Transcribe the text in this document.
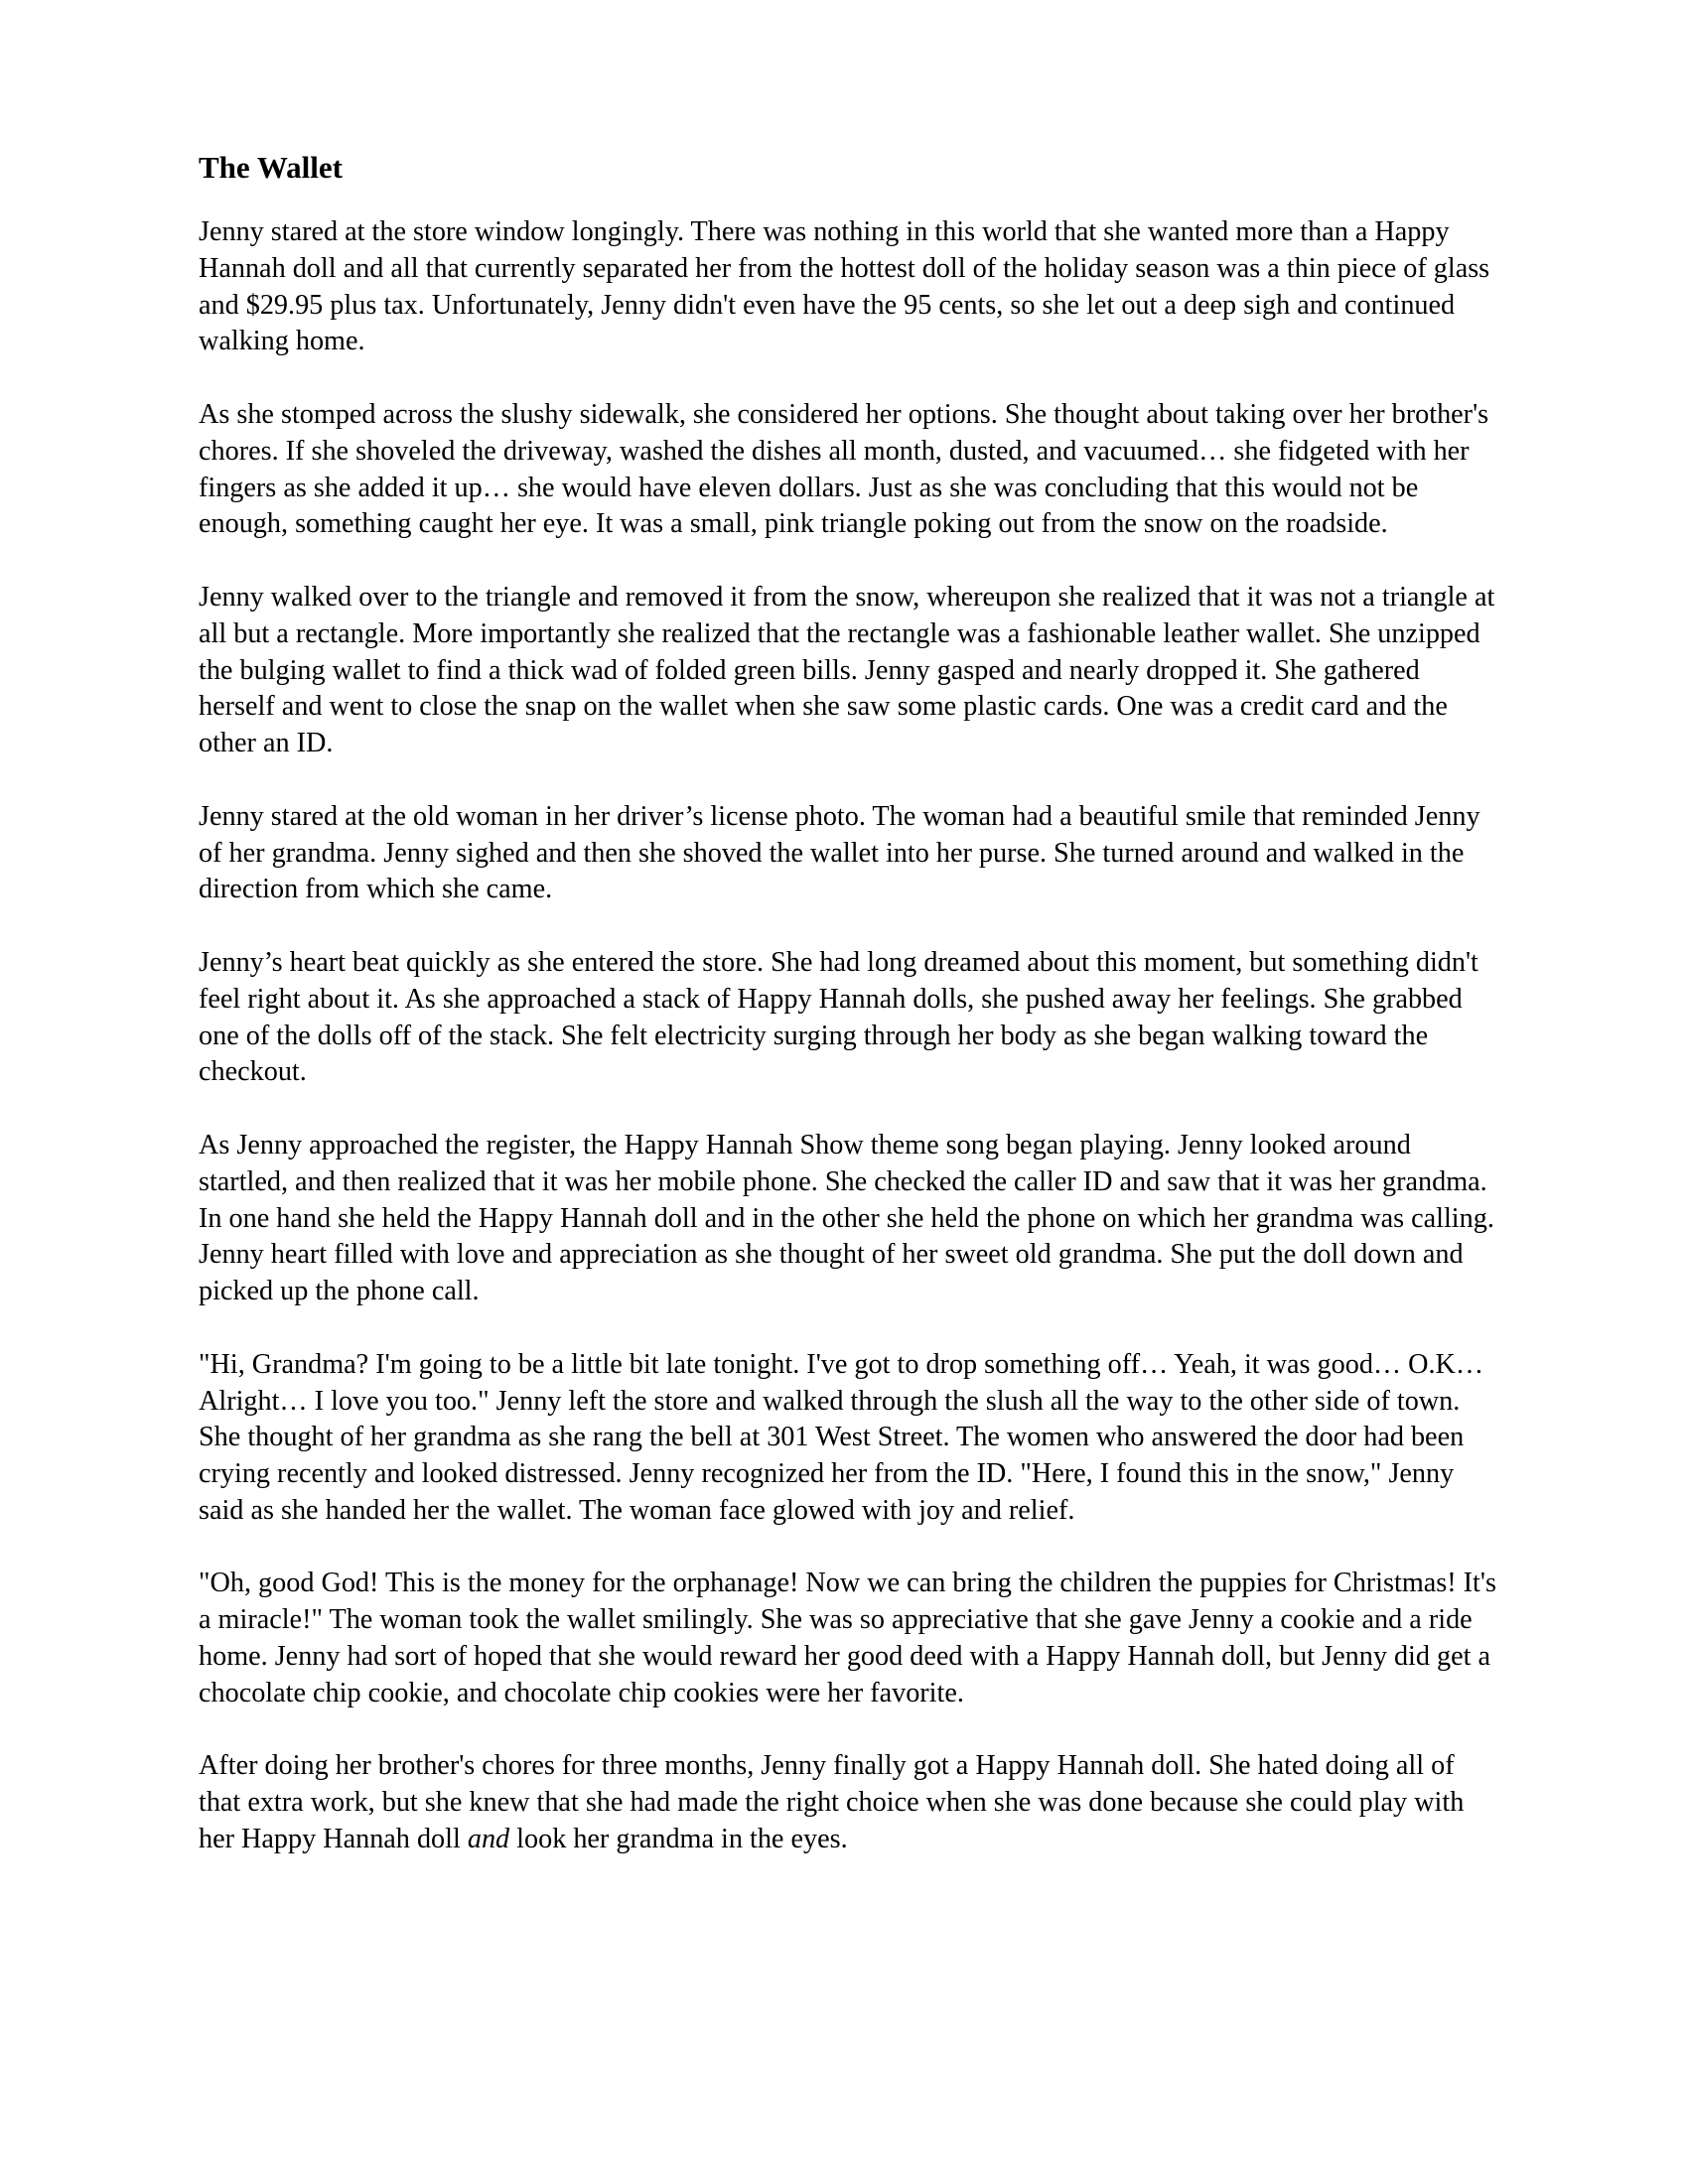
The Wallet

Jenny stared at the store window longingly. There was nothing in this world that she wanted more than a Happy Hannah doll and all that currently separated her from the hottest doll of the holiday season was a thin piece of glass and $29.95 plus tax. Unfortunately, Jenny didn't even have the 95 cents, so she let out a deep sigh and continued walking home.

As she stomped across the slushy sidewalk, she considered her options. She thought about taking over her brother's chores. If she shoveled the driveway, washed the dishes all month, dusted, and vacuumed… she fidgeted with her fingers as she added it up… she would have eleven dollars. Just as she was concluding that this would not be enough, something caught her eye. It was a small, pink triangle poking out from the snow on the roadside.

Jenny walked over to the triangle and removed it from the snow, whereupon she realized that it was not a triangle at all but a rectangle. More importantly she realized that the rectangle was a fashionable leather wallet. She unzipped the bulging wallet to find a thick wad of folded green bills. Jenny gasped and nearly dropped it. She gathered herself and went to close the snap on the wallet when she saw some plastic cards. One was a credit card and the other an ID.

Jenny stared at the old woman in her driver’s license photo. The woman had a beautiful smile that reminded Jenny of her grandma. Jenny sighed and then she shoved the wallet into her purse. She turned around and walked in the direction from which she came.

Jenny’s heart beat quickly as she entered the store. She had long dreamed about this moment, but something didn't feel right about it. As she approached a stack of Happy Hannah dolls, she pushed away her feelings. She grabbed one of the dolls off of the stack. She felt electricity surging through her body as she began walking toward the checkout.

As Jenny approached the register, the Happy Hannah Show theme song began playing. Jenny looked around startled, and then realized that it was her mobile phone. She checked the caller ID and saw that it was her grandma. In one hand she held the Happy Hannah doll and in the other she held the phone on which her grandma was calling. Jenny heart filled with love and appreciation as she thought of her sweet old grandma. She put the doll down and picked up the phone call.

"Hi, Grandma? I'm going to be a little bit late tonight. I've got to drop something off… Yeah, it was good… O.K… Alright… I love you too." Jenny left the store and walked through the slush all the way to the other side of town. She thought of her grandma as she rang the bell at 301 West Street. The women who answered the door had been crying recently and looked distressed. Jenny recognized her from the ID. "Here, I found this in the snow," Jenny said as she handed her the wallet. The woman face glowed with joy and relief.

"Oh, good God! This is the money for the orphanage! Now we can bring the children the puppies for Christmas! It's a miracle!" The woman took the wallet smilingly. She was so appreciative that she gave Jenny a cookie and a ride home. Jenny had sort of hoped that she would reward her good deed with a Happy Hannah doll, but Jenny did get a chocolate chip cookie, and chocolate chip cookies were her favorite.

After doing her brother's chores for three months, Jenny finally got a Happy Hannah doll. She hated doing all of that extra work, but she knew that she had made the right choice when she was done because she could play with her Happy Hannah doll and look her grandma in the eyes.
